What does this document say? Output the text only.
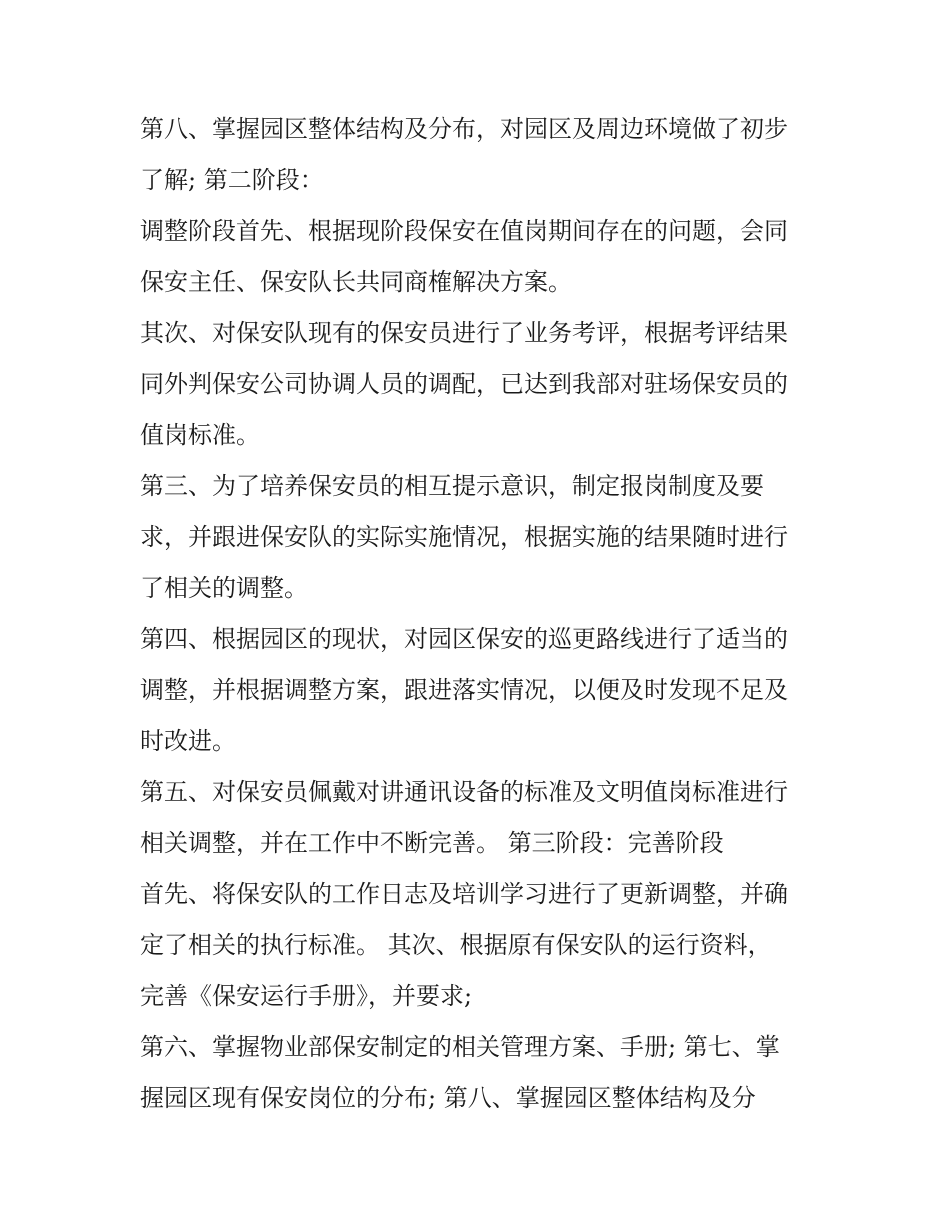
第八、掌握园区整体结构及分布，对园区及周边环境做了初步
了解; 第二阶段：
调整阶段首先、根据现阶段保安在值岗期间存在的问题，会同
保安主任、保安队长共同商榷解决方案。
其次、对保安队现有的保安员进行了业务考评，根据考评结果
同外判保安公司协调人员的调配，已达到我部对驻场保安员的
值岗标准。
第三、为了培养保安员的相互提示意识，制定报岗制度及要
求，并跟进保安队的实际实施情况，根据实施的结果随时进行
了相关的调整。
第四、根据园区的现状，对园区保安的巡更路线进行了适当的
调整，并根据调整方案，跟进落实情况，以便及时发现不足及
时改进。
第五、对保安员佩戴对讲通讯设备的标准及文明值岗标准进行
相关调整，并在工作中不断完善。 第三阶段：完善阶段
首先、将保安队的工作日志及培训学习进行了更新调整，并确
定了相关的执行标准。 其次、根据原有保安队的运行资料，
完善《保安运行手册》，并要求;
第六、掌握物业部保安制定的相关管理方案、手册; 第七、掌
握园区现有保安岗位的分布; 第八、掌握园区整体结构及分
